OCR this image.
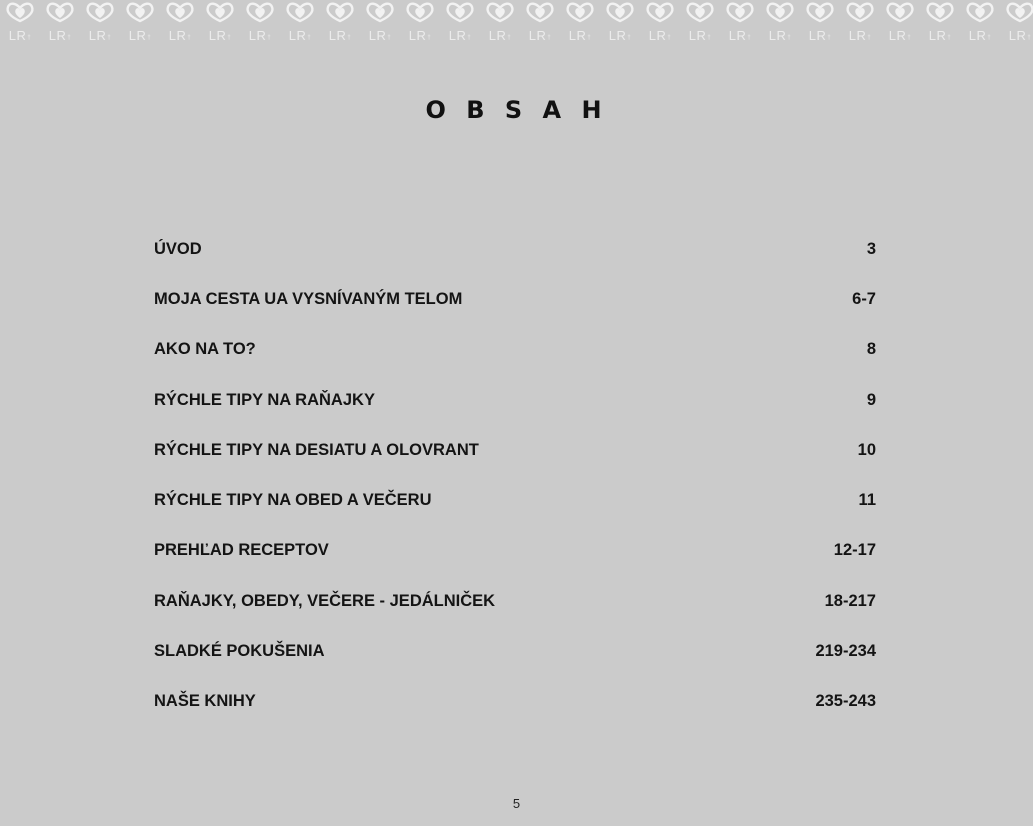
LR † LR † LR † LR † LR † LR † LR † LR † LR † LR † LR † LR † LR † LR † LR † LR † LR † LR † LR † LR † LR † LR † LR † LR † LR † LR †
O B S A H
ÚVOD	3
MOJA CESTA UA VYSNÍVANÝM TELOM	6-7
AKO NA TO?	8
RÝCHLE TIPY NA RAŇAJKY	9
RÝCHLE TIPY NA DESIATU A OLOVRANT	10
RÝCHLE TIPY NA OBED A VEČERU	11
PREHĽAD RECEPTOV	12-17
RAŇAJKY, OBEDY, VEČERE - JEDÁLNIČEK	18-217
SLADKÉ POKUŠENIA	219-234
NAŠE KNIHY	235-243
5
